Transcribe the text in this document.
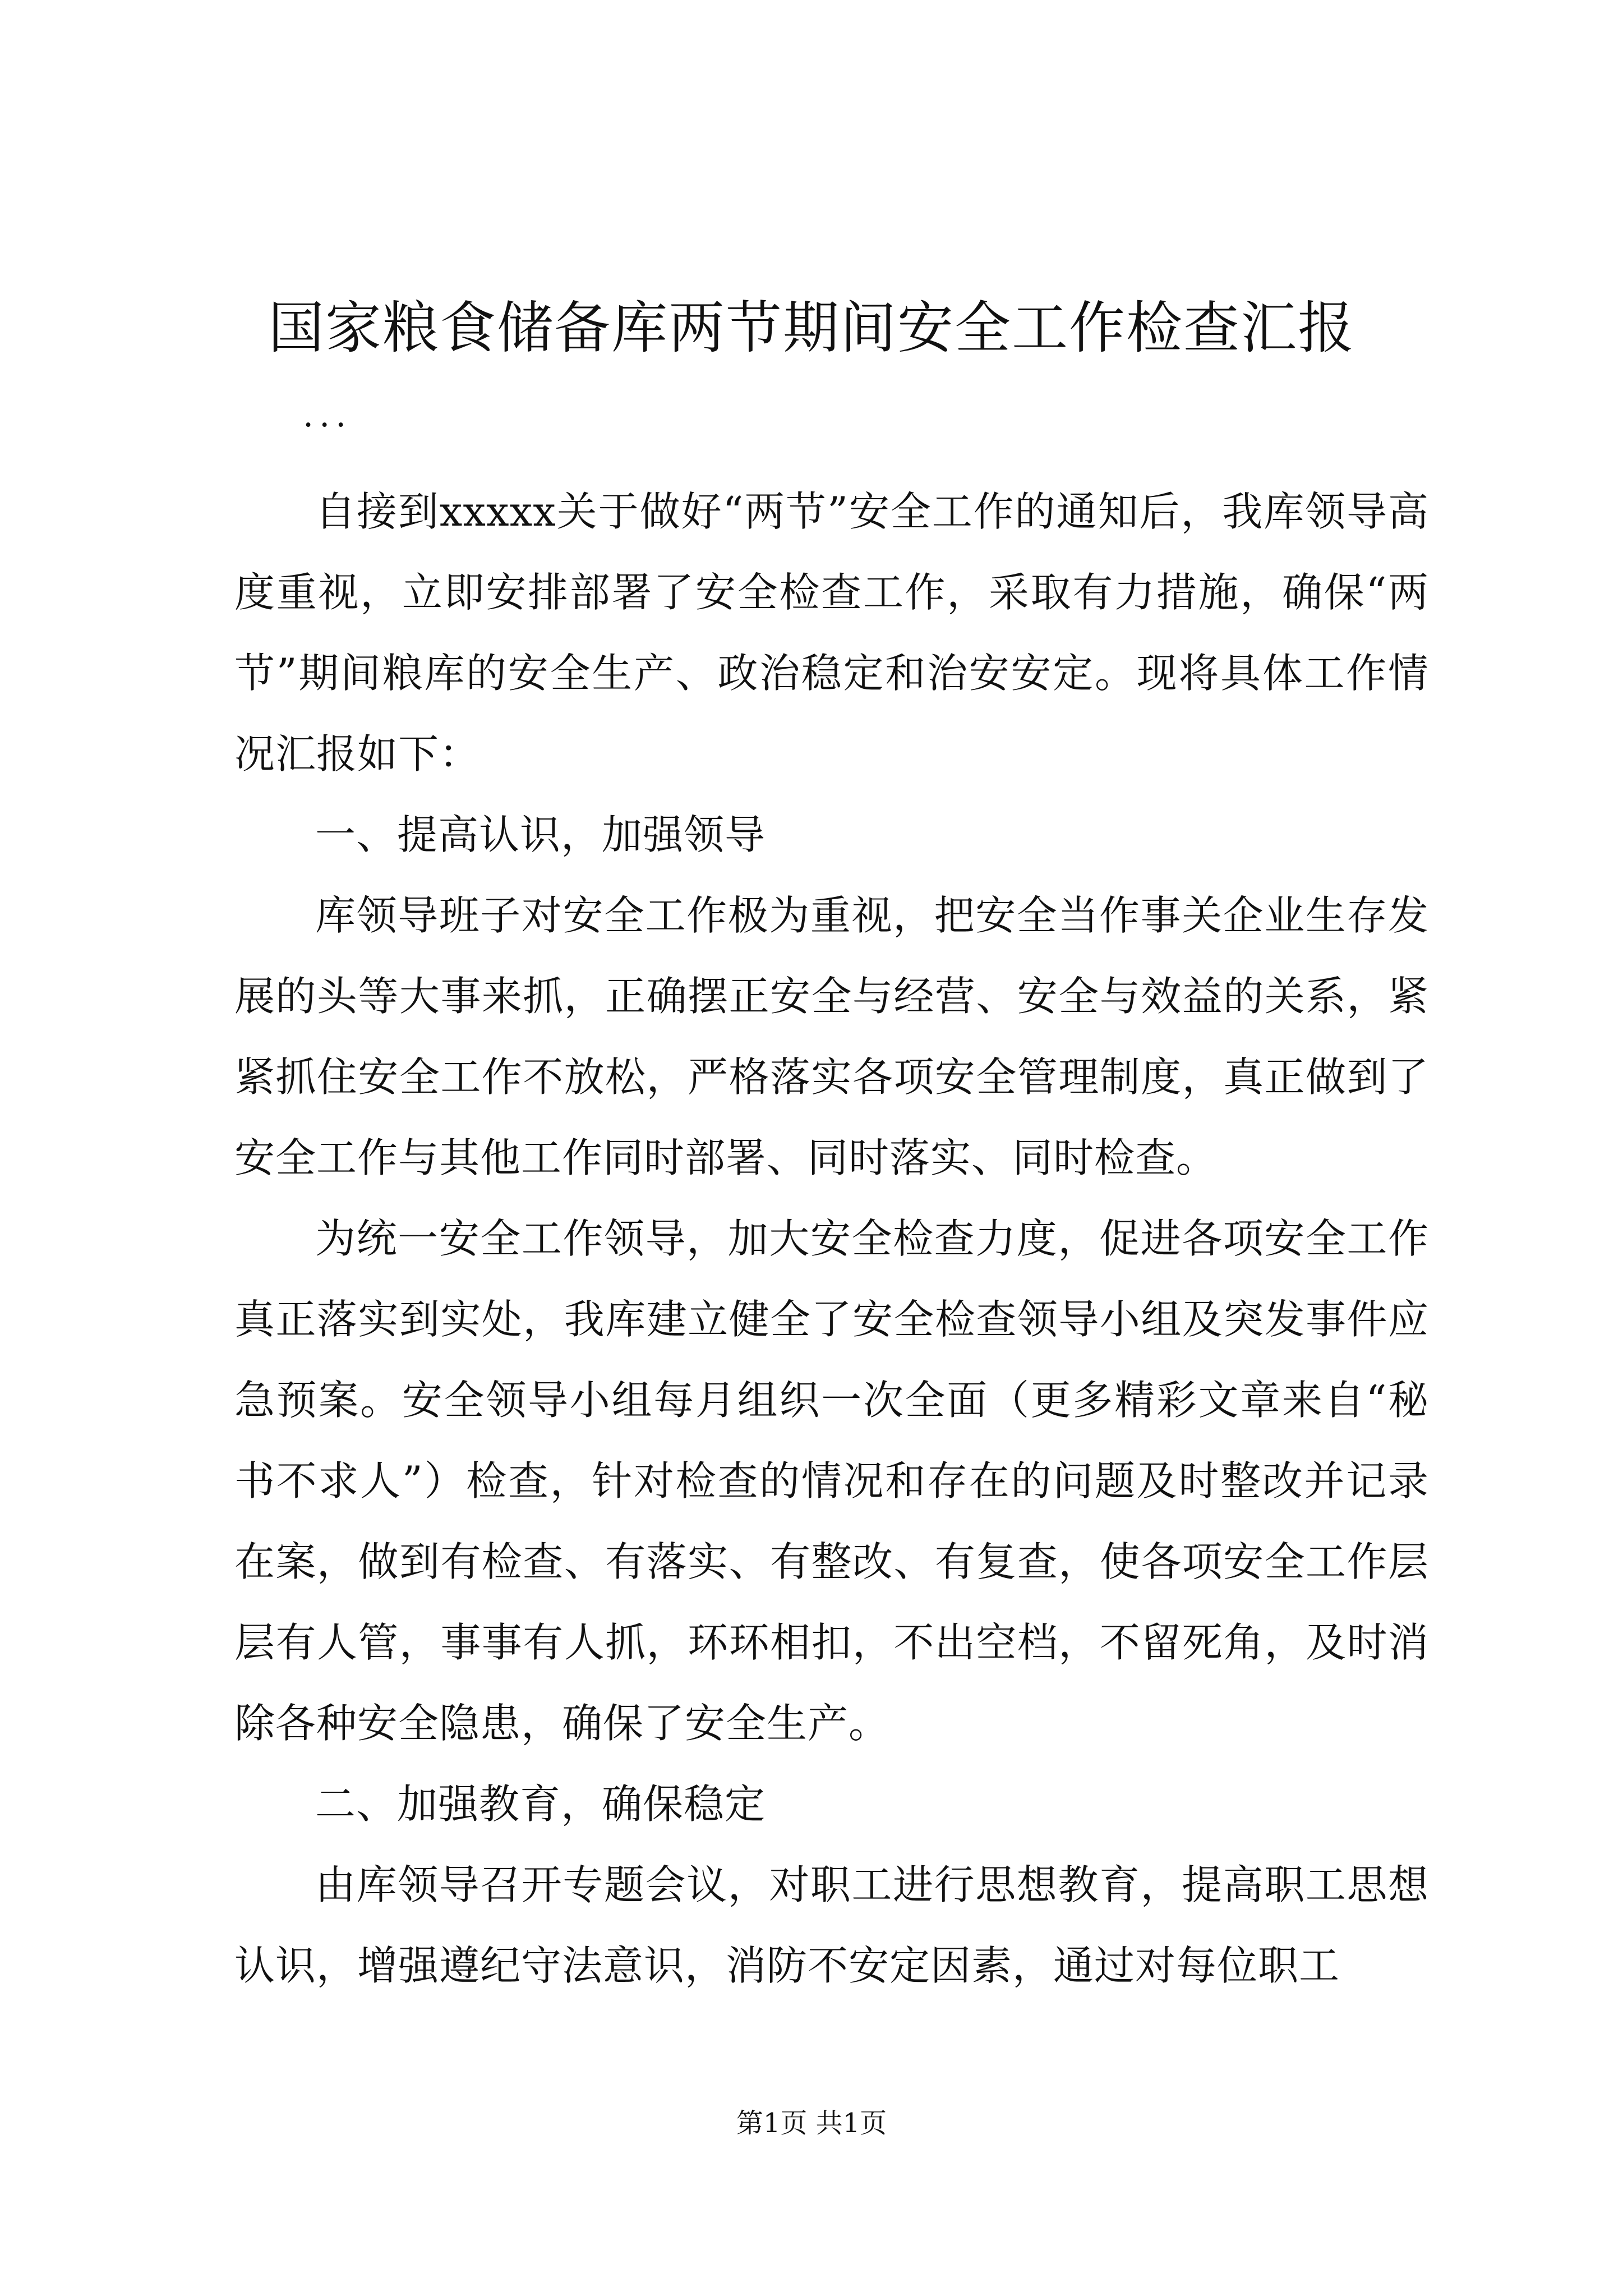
国家粮食储备库两节期间安全工作检查汇报
...

自接到xxxxx关于做好“两节”安全工作的通知后，我库领导高度重视，立即安排部署了安全检查工作，采取有力措施，确保“两节”期间粮库的安全生产、政治稳定和治安安定。现将具体工作情况汇报如下：

一、提高认识，加强领导

库领导班子对安全工作极为重视，把安全当作事关企业生存发展的头等大事来抓，正确摆正安全与经营、安全与效益的关系，紧紧抓住安全工作不放松，严格落实各项安全管理制度，真正做到了安全工作与其他工作同时部署、同时落实、同时检查。

为统一安全工作领导，加大安全检查力度，促进各项安全工作真正落实到实处，我库建立健全了安全检查领导小组及突发事件应急预案。安全领导小组每月组织一次全面（更多精彩文章来自“秘书不求人”）检查，针对检查的情况和存在的问题及时整改并记录在案，做到有检查、有落实、有整改、有复查，使各项安全工作层层有人管，事事有人抓，环环相扣，不出空档，不留死角，及时消除各种安全隐患，确保了安全生产。

二、加强教育，确保稳定

由库领导召开专题会议，对职工进行思想教育，提高职工思想认识，增强遵纪守法意识，消防不安定因素，通过对每位职工

第1页 共1页
